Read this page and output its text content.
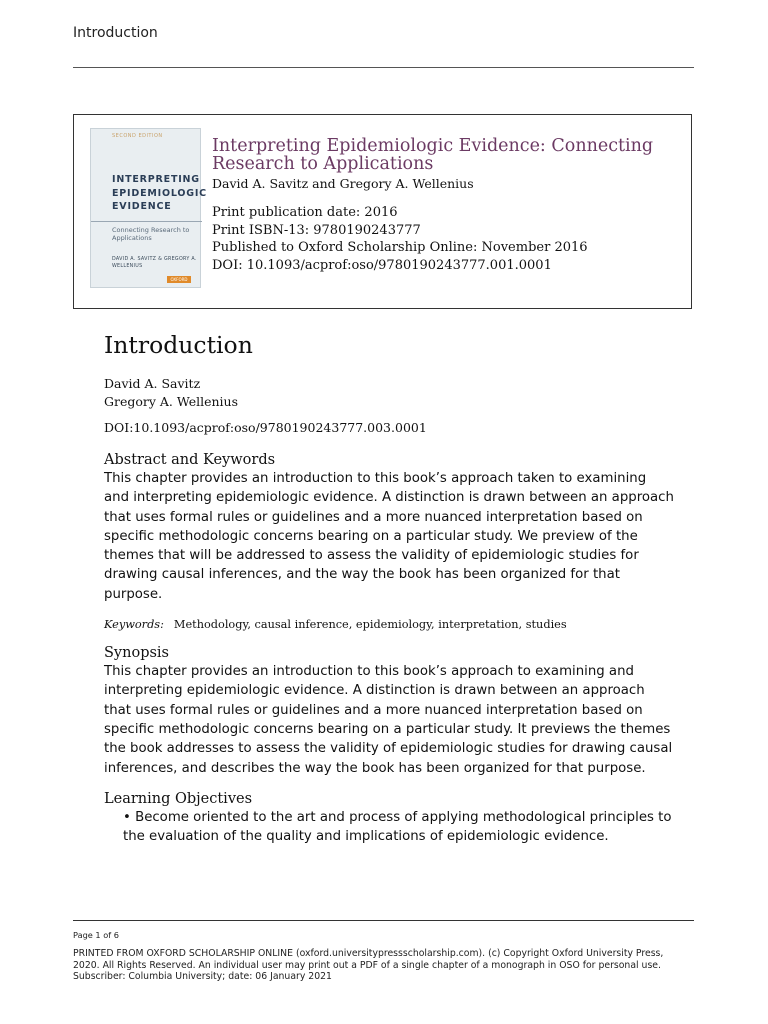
Introduction
SECOND EDITION
INTERPRETING EPIDEMIOLOGIC EVIDENCE
Connecting Research to Applications
DAVID A. SAVITZ & GREGORY A. WELLENIUS
OXFORD
Interpreting Epidemiologic Evidence: Connecting Research to Applications
David A. Savitz and Gregory A. Wellenius
Print publication date: 2016
Print ISBN-13: 9780190243777
Published to Oxford Scholarship Online: November 2016
DOI: 10.1093/acprof:oso/9780190243777.001.0001
Introduction
David A. Savitz
Gregory A. Wellenius
DOI:10.1093/acprof:oso/9780190243777.003.0001
Abstract and Keywords
This chapter provides an introduction to this book’s approach taken to examining and interpreting epidemiologic evidence. A distinction is drawn between an approach that uses formal rules or guidelines and a more nuanced interpretation based on specific methodologic concerns bearing on a particular study. We preview of the themes that will be addressed to assess the validity of epidemiologic studies for drawing causal inferences, and the way the book has been organized for that purpose.
Keywords: Methodology, causal inference, epidemiology, interpretation, studies
Synopsis
This chapter provides an introduction to this book’s approach to examining and interpreting epidemiologic evidence. A distinction is drawn between an approach that uses formal rules or guidelines and a more nuanced interpretation based on specific methodologic concerns bearing on a particular study. It previews the themes the book addresses to assess the validity of epidemiologic studies for drawing causal inferences, and describes the way the book has been organized for that purpose.
Learning Objectives
• Become oriented to the art and process of applying methodological principles to the evaluation of the quality and implications of epidemiologic evidence.
Page 1 of 6
PRINTED FROM OXFORD SCHOLARSHIP ONLINE (oxford.universitypressscholarship.com). (c) Copyright Oxford University Press,
2020. All Rights Reserved. An individual user may print out a PDF of a single chapter of a monograph in OSO for personal use.
Subscriber: Columbia University; date: 06 January 2021
